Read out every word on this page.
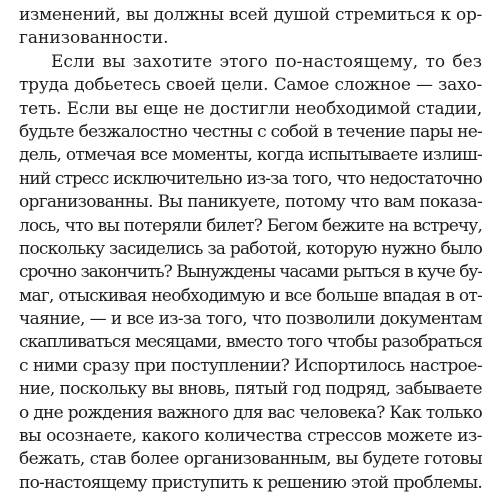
изменений, вы должны всей душой стремиться к ор-
ганизованности.
Если вы захотите этого по-настоящему, то без
труда добьетесь своей цели. Самое сложное — захо-
теть. Если вы еще не достигли необходимой стадии,
будьте безжалостно честны с собой в течение пары не-
дель, отмечая все моменты, когда испытываете излиш-
ний стресс исключительно из-за того, что недостаточно
организованны. Вы паникуете, потому что вам показа-
лось, что вы потеряли билет? Бегом бежите на встречу,
поскольку засиделись за работой, которую нужно было
срочно закончить? Вынуждены часами рыться в куче бу-
маг, отыскивая необходимую и все больше впадая в от-
чаяние, — и все из-за того, что позволили документам
скапливаться месяцами, вместо того чтобы разобраться
с ними сразу при поступлении? Испортилось настрое-
ние, поскольку вы вновь, пятый год подряд, забываете
о дне рождения важного для вас человека? Как только
вы осознаете, какого количества стрессов можете из-
бежать, став более организованным, вы будете готовы
по-настоящему приступить к решению этой проблемы.
